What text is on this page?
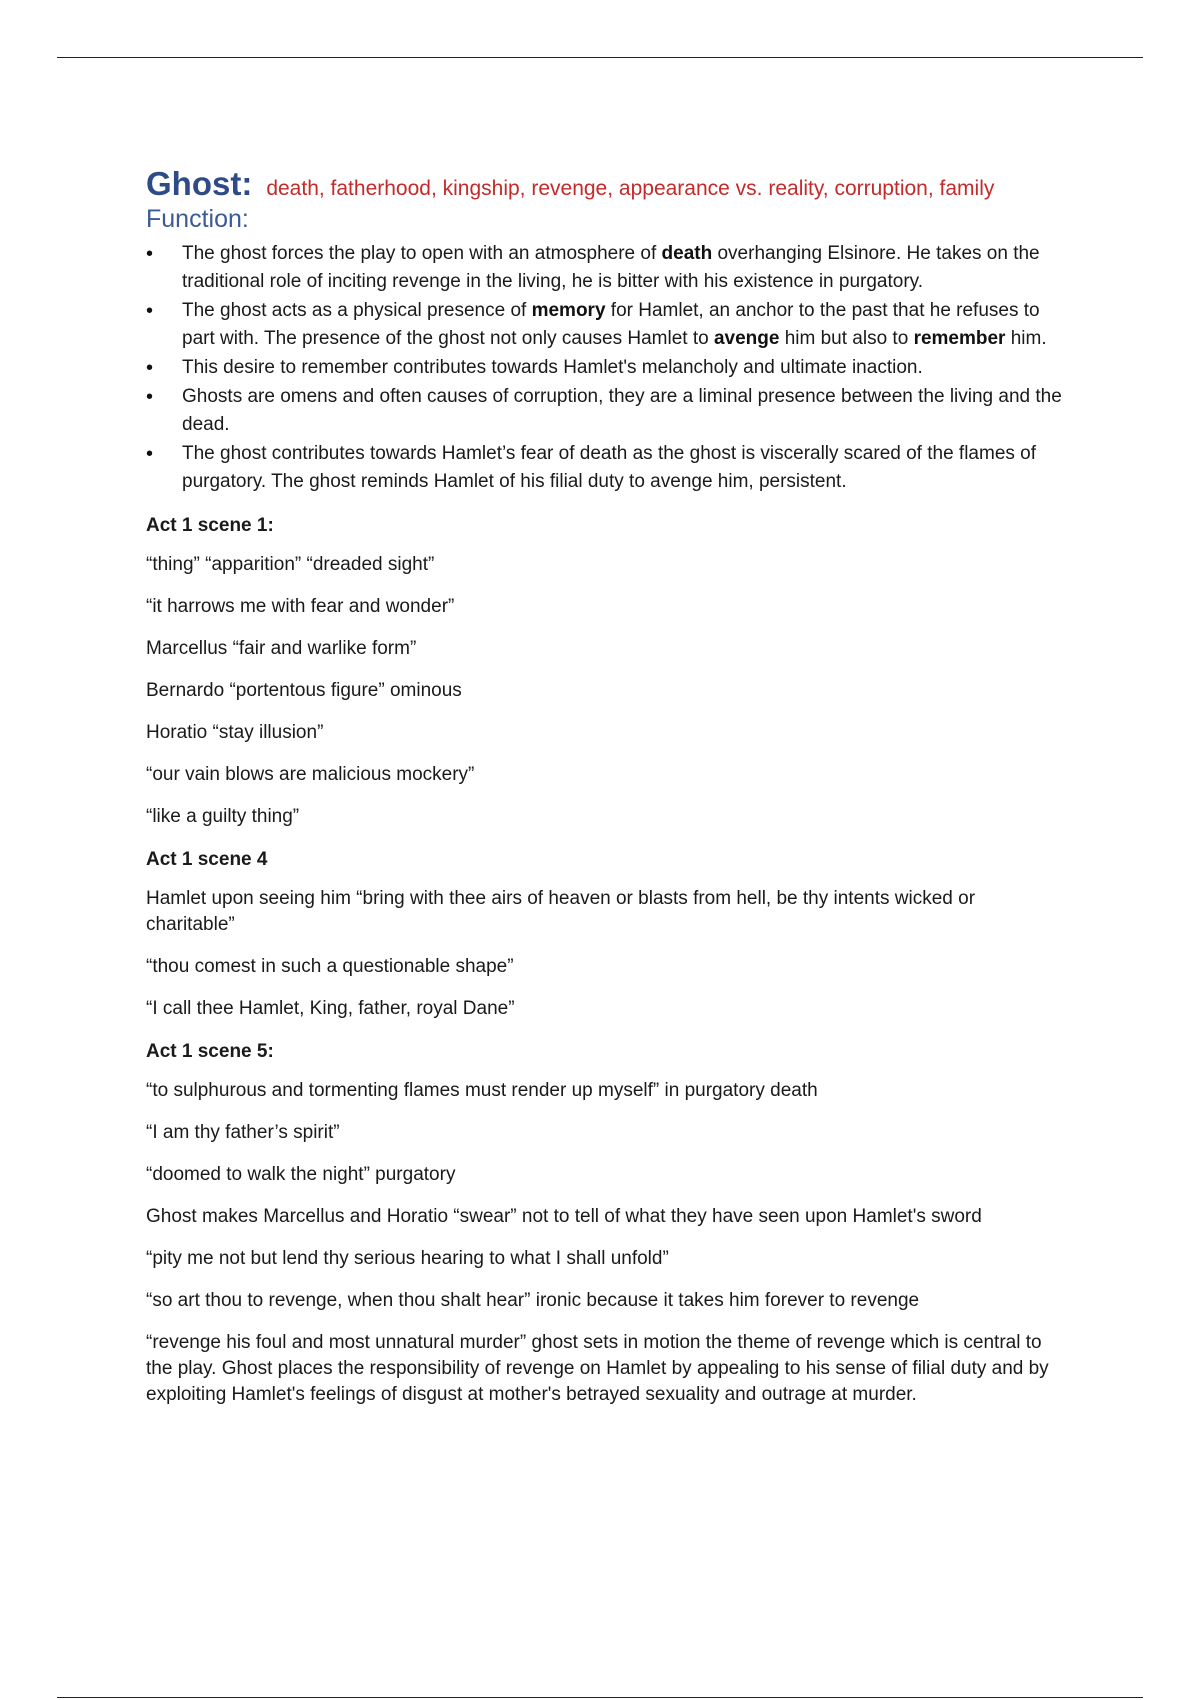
Ghost: death, fatherhood, kingship, revenge, appearance vs. reality, corruption, family
Function:
• The ghost forces the play to open with an atmosphere of death overhanging Elsinore. He takes on the traditional role of inciting revenge in the living, he is bitter with his existence in purgatory.
• The ghost acts as a physical presence of memory for Hamlet, an anchor to the past that he refuses to part with. The presence of the ghost not only causes Hamlet to avenge him but also to remember him.
• This desire to remember contributes towards Hamlet's melancholy and ultimate inaction.
• Ghosts are omens and often causes of corruption, they are a liminal presence between the living and the dead.
• The ghost contributes towards Hamlet’s fear of death as the ghost is viscerally scared of the flames of purgatory. The ghost reminds Hamlet of his filial duty to avenge him, persistent.
Act 1 scene 1:

“thing” “apparition” “dreaded sight”

“it harrows me with fear and wonder”

Marcellus “fair and warlike form”

Bernardo “portentous figure” ominous

Horatio “stay illusion”

“our vain blows are malicious mockery”

“like a guilty thing”

Act 1 scene 4

Hamlet upon seeing him “bring with thee airs of heaven or blasts from hell, be thy intents wicked or charitable”

“thou comest in such a questionable shape”

“I call thee Hamlet, King, father, royal Dane”

Act 1 scene 5:

“to sulphurous and tormenting flames must render up myself” in purgatory death

“I am thy father’s spirit”

“doomed to walk the night” purgatory

Ghost makes Marcellus and Horatio “swear” not to tell of what they have seen upon Hamlet's sword

“pity me not but lend thy serious hearing to what I shall unfold”

“so art thou to revenge, when thou shalt hear” ironic because it takes him forever to revenge

“revenge his foul and most unnatural murder” ghost sets in motion the theme of revenge which is central to the play. Ghost places the responsibility of revenge on Hamlet by appealing to his sense of filial duty and by exploiting Hamlet's feelings of disgust at mother's betrayed sexuality and outrage at murder.
